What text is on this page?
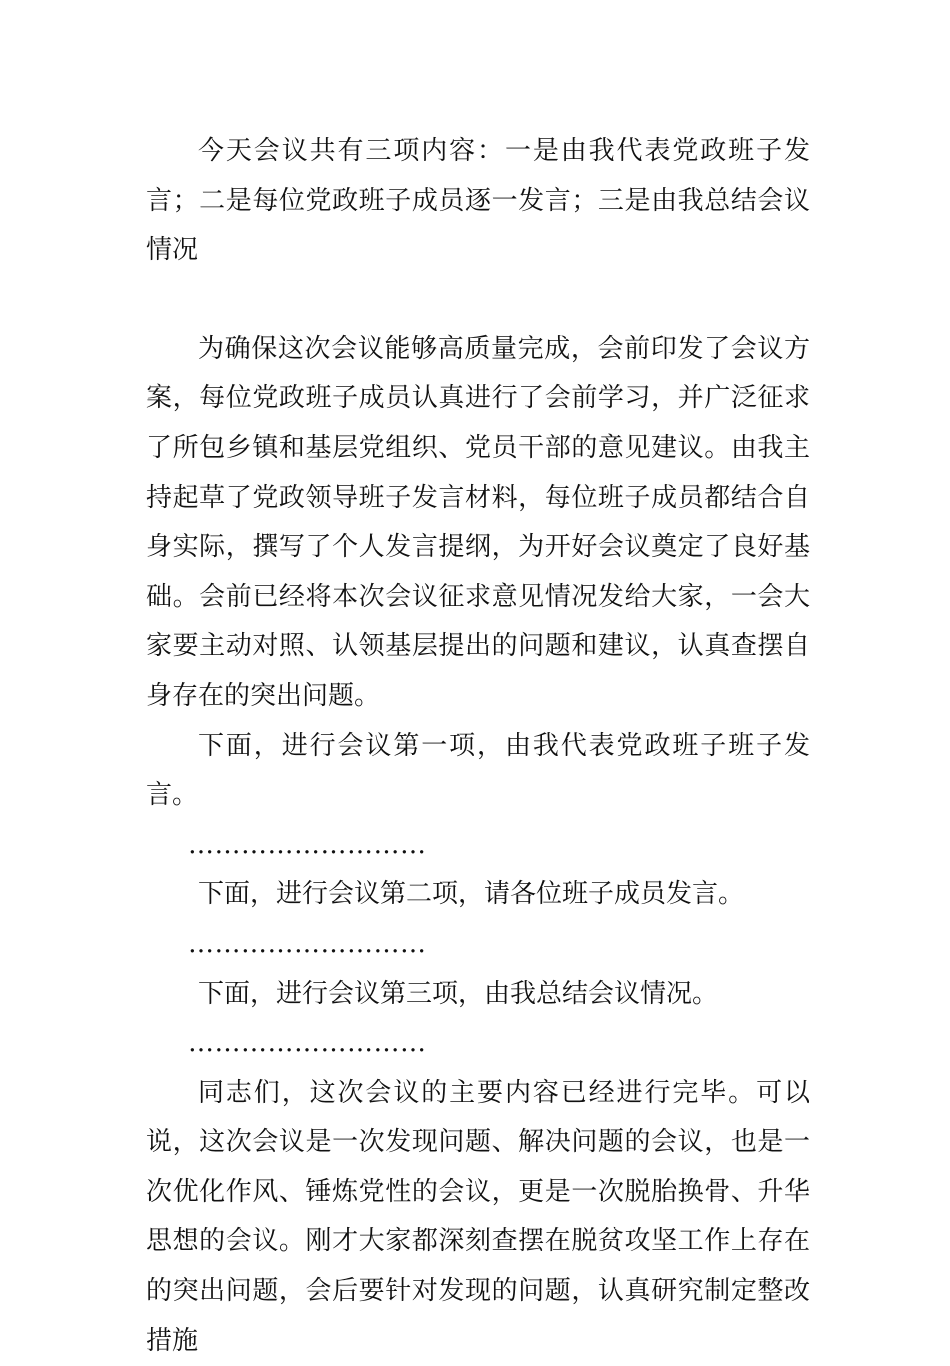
今天会议共有三项内容：一是由我代表党政班子发言；二是每位党政班子成员逐一发言；三是由我总结会议情况

为确保这次会议能够高质量完成，会前印发了会议方案，每位党政班子成员认真进行了会前学习，并广泛征求了所包乡镇和基层党组织、党员干部的意见建议。由我主持起草了党政领导班子发言材料，每位班子成员都结合自身实际，撰写了个人发言提纲，为开好会议奠定了良好基础。会前已经将本次会议征求意见情况发给大家，一会大家要主动对照、认领基层提出的问题和建议，认真查摆自身存在的突出问题。

下面，进行会议第一项，由我代表党政班子班子发言。

………………………

下面，进行会议第二项，请各位班子成员发言。

………………………

下面，进行会议第三项，由我总结会议情况。

………………………

同志们，这次会议的主要内容已经进行完毕。可以说，这次会议是一次发现问题、解决问题的会议，也是一次优化作风、锤炼党性的会议，更是一次脱胎换骨、升华思想的会议。刚才大家都深刻查摆在脱贫攻坚工作上存在的突出问题，会后要针对发现的问题，认真研究制定整改措施
